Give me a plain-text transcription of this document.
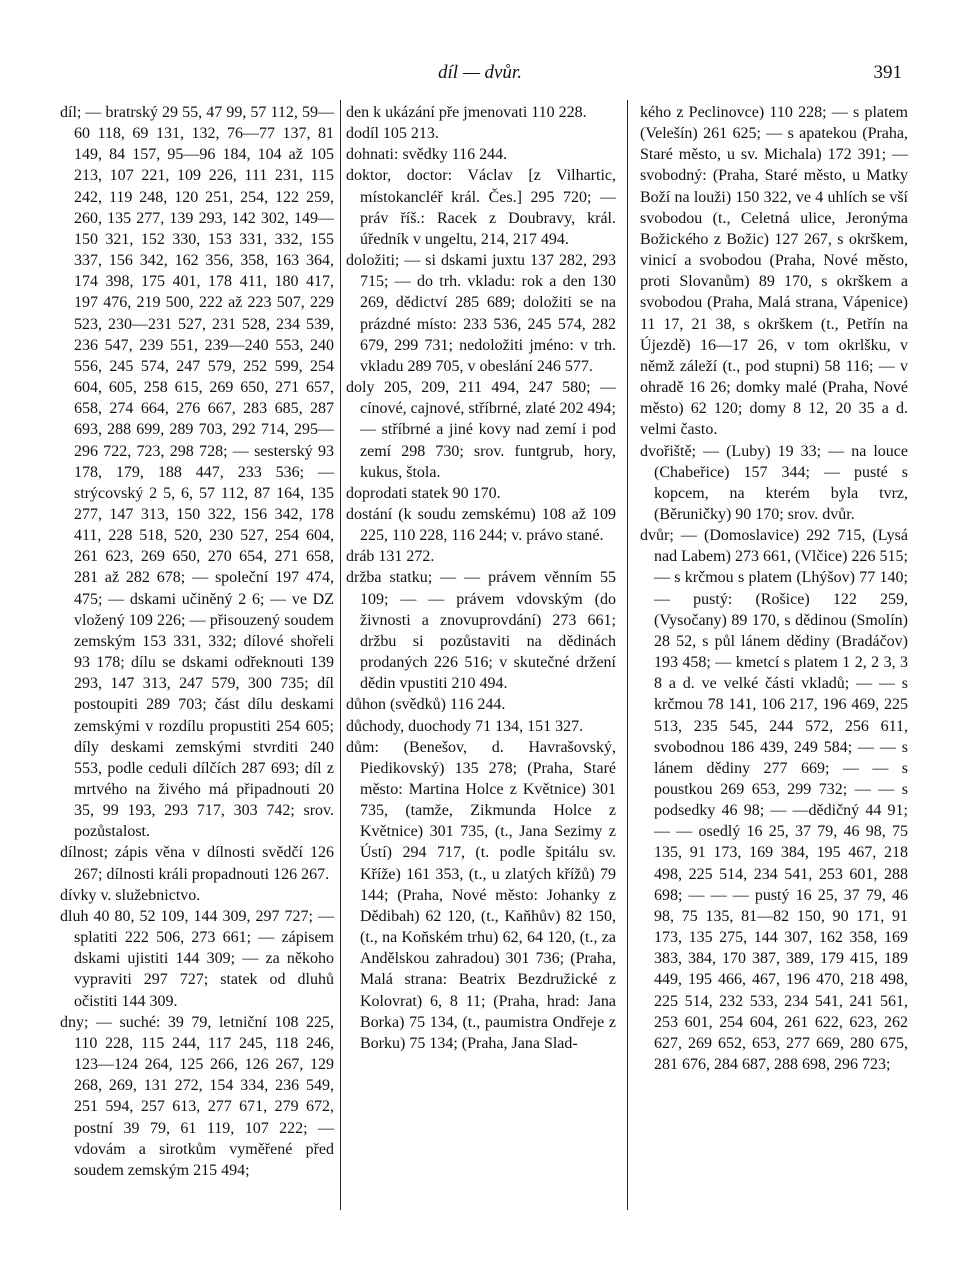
díl — dvůr.	391

díl; — bratrský 29 55, 47 99, 57 112, 59—60 118, 69 131, 132, 76—77 137, 81 149, 84 157, 95—96 184, 104 až 105 213, 107 221, 109 226, 111 231, 115 242, 119 248, 120 251, 254, 122 259, 260, 135 277, 139 293, 142 302, 149—150 321, 152 330, 153 331, 332, 155 337, 156 342, 162 356, 358, 163 364, 174 398, 175 401, 178 411, 180 417, 197 476, 219 500, 222 až 223 507, 229 523, 230—231 527, 231 528, 234 539, 236 547, 239 551, 239—240 553, 240 556, 245 574, 247 579, 252 599, 254 604, 605, 258 615, 269 650, 271 657, 658, 274 664, 276 667, 283 685, 287 693, 288 699, 289 703, 292 714, 295—296 722, 723, 298 728; — sesterský 93 178, 179, 188 447, 233 536; — strýcovský 2 5, 6, 57 112, 87 164, 135 277, 147 313, 150 322, 156 342, 178 411, 228 518, 520, 230 527, 254 604, 261 623, 269 650, 270 654, 271 658, 281 až 282 678; — společní 197 474, 475; — dskami učiněný 2 6; — ve DZ vložený 109 226; — přisouzený soudem zemským 153 331, 332; dílové shořeli 93 178; dílu se dskami odřeknouti 139 293, 147 313, 247 579, 300 735; díl postoupiti 289 703; část dílu deskami zemskými v rozdílu propustiti 254 605; díly deskami zemskými stvrditi 240 553, podle ceduli dílčích 287 693; díl z mrtvého na živého má připadnouti 20 35, 99 193, 293 717, 303 742; srov. pozůstalost.

dílnost; zápis věna v dílnosti svědčí 126 267; dílnosti králi propadnouti 126 267.

dívky v. služebnictvo.

dluh 40 80, 52 109, 144 309, 297 727; — splatiti 222 506, 273 661; — zápisem dskami ujistiti 144 309; — za někoho vypraviti 297 727; statek od dluhů očistiti 144 309.

dny; — suché: 39 79, letniční 108 225, 110 228, 115 244, 117 245, 118 246, 123—124 264, 125 266, 126 267, 129 268, 269, 131 272, 154 334, 236 549, 251 594, 257 613, 277 671, 279 672, postní 39 79, 61 119, 107 222; — vdovám a sirotkům vyměřené před soudem zemským 215 494;

den k ukázání pře jmenovati 110 228.

dodíl 105 213.

dohnati: svědky 116 244.

doktor, doctor: Václav [z Vilhartic, místokancléř král. Čes.] 295 720; — práv říš.: Racek z Doubravy, král. úředník v ungeltu, 214, 217 494.

doložiti; — si dskami juxtu 137 282, 293 715; — do trh. vkladu: rok a den 130 269, dědictví 285 689; doložiti se na prázdné místo: 233 536, 245 574, 282 679, 299 731; nedoložiti jméno: v trh. vkladu 289 705, v obeslání 246 577.

doly 205, 209, 211 494, 247 580; — cínové, cajnové, stříbrné, zlaté 202 494; — stříbrné a jiné kovy nad zemí i pod zemí 298 730; srov. funtgrub, hory, kukus, štola.

doprodati statek 90 170.

dostání (k soudu zemskému) 108 až 109 225, 110 228, 116 244; v. právo stané.

dráb 131 272.

držba statku; — — právem věnním 55 109; — — právem vdovským (do živnosti a znovuprovdání) 273 661; držbu si pozůstaviti na dědinách prodaných 226 516; v skutečné držení dědin vpustiti 210 494.

důhon (svědků) 116 244.

důchody, duochody 71 134, 151 327.

dům: (Benešov, d. Havrašovský, Piedikovský) 135 278; (Praha, Staré město: Martina Holce z Květnice) 301 735, (tamže, Zikmunda Holce z Květnice) 301 735, (t., Jana Sezimy z Ústí) 294 717, (t. podle špitálu sv. Kříže) 161 353, (t., u zlatých křížů) 79 144; (Praha, Nové město: Johanky z Dědibah) 62 120, (t., Kaňhův) 82 150, (t., na Koňském trhu) 62, 64 120, (t., za Andělskou zahradou) 301 736; (Praha, Malá strana: Beatrix Bezdružické z Kolovrat) 6, 8 11; (Praha, hrad: Jana Borka) 75 134, (t., paumistra Ondřeje z Borku) 75 134; (Praha, Jana Slad-

kého z Peclinovce) 110 228; — s platem (Velešín) 261 625; — s apatekou (Praha, Staré město, u sv. Michala) 172 391; — svobodný: (Praha, Staré město, u Matky Boží na louži) 150 322, ve 4 uhlích se vší svobodou (t., Celetná ulice, Jeronýma Božického z Božic) 127 267, s okrškem, vinicí a svobodou (Praha, Nové město, proti Slovanům) 89 170, s okrškem a svobodou (Praha, Malá strana, Vápenice) 11 17, 21 38, s okrškem (t., Petřín na Újezdě) 16—17 26, v tom okrlšku, v němž záleží (t., pod stupni) 58 116; — v ohradě 16 26; domky malé (Praha, Nové město) 62 120; domy 8 12, 20 35 a d. velmi často.

dvořiště; — (Luby) 19 33; — na louce (Chabeřice) 157 344; — pusté s kopcem, na kterém byla tvrz, (Běruničky) 90 170; srov. dvůr.

dvůr; — (Domoslavice) 292 715, (Lysá nad Labem) 273 661, (Vlčice) 226 515; — s krčmou s platem (Lhýšov) 77 140; — pustý: (Rošice) 122 259, (Vysočany) 89 170, s dědinou (Smolín) 28 52, s půl lánem dědiny (Bradáčov) 193 458; — kmetcí s platem 1 2, 2 3, 3 8 a d. ve velké části vkladů; — — s krčmou 78 141, 106 217, 196 469, 225 513, 235 545, 244 572, 256 611, svobodnou 186 439, 249 584; — — s lánem dědiny 277 669; — — s poustkou 269 653, 299 732; — — s podsedky 46 98; — —dědičný 44 91; — — osedlý 16 25, 37 79, 46 98, 75 135, 91 173, 169 384, 195 467, 218 498, 225 514, 234 541, 253 601, 288 698; — — — pustý 16 25, 37 79, 46 98, 75 135, 81—82 150, 90 171, 91 173, 135 275, 144 307, 162 358, 169 383, 384, 170 387, 389, 179 415, 189 449, 195 466, 467, 196 470, 218 498, 225 514, 232 533, 234 541, 241 561, 253 601, 254 604, 261 622, 623, 262 627, 269 652, 653, 277 669, 280 675, 281 676, 284 687, 288 698, 296 723;
